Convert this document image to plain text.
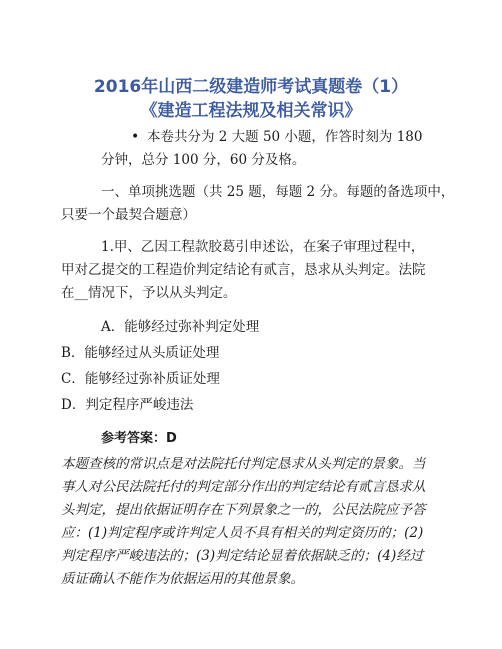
2016年山西二级建造师考试真题卷（1）
《建造工程法规及相关常识》
• 本卷共分为 2 大题 50 小题，作答时刻为 180
分钟，总分 100 分，60 分及格。
一、单项挑选题（共 25 题，每题 2 分。每题的备选项中，
只要一个最契合题意）
1.甲、乙因工程款胶葛引申述讼，在案子审理过程中，
甲对乙提交的工程造价判定结论有贰言，恳求从头判定。法院
在__情况下，予以从头判定。
A．能够经过弥补判定处理
B．能够经过从头质证处理
C．能够经过弥补质证处理
D．判定程序严峻违法
参考答案：D
本题查核的常识点是对法院托付判定恳求从头判定的景象。当
事人对公民法院托付的判定部分作出的判定结论有贰言恳求从
头判定，提出依据证明存在下列景象之一的，公民法院应予答
应：(1)判定程序或许判定人员不具有相关的判定资历的；(2)
判定程序严峻违法的；(3)判定结论显着依据缺乏的；(4)经过
质证确认不能作为依据运用的其他景象。
